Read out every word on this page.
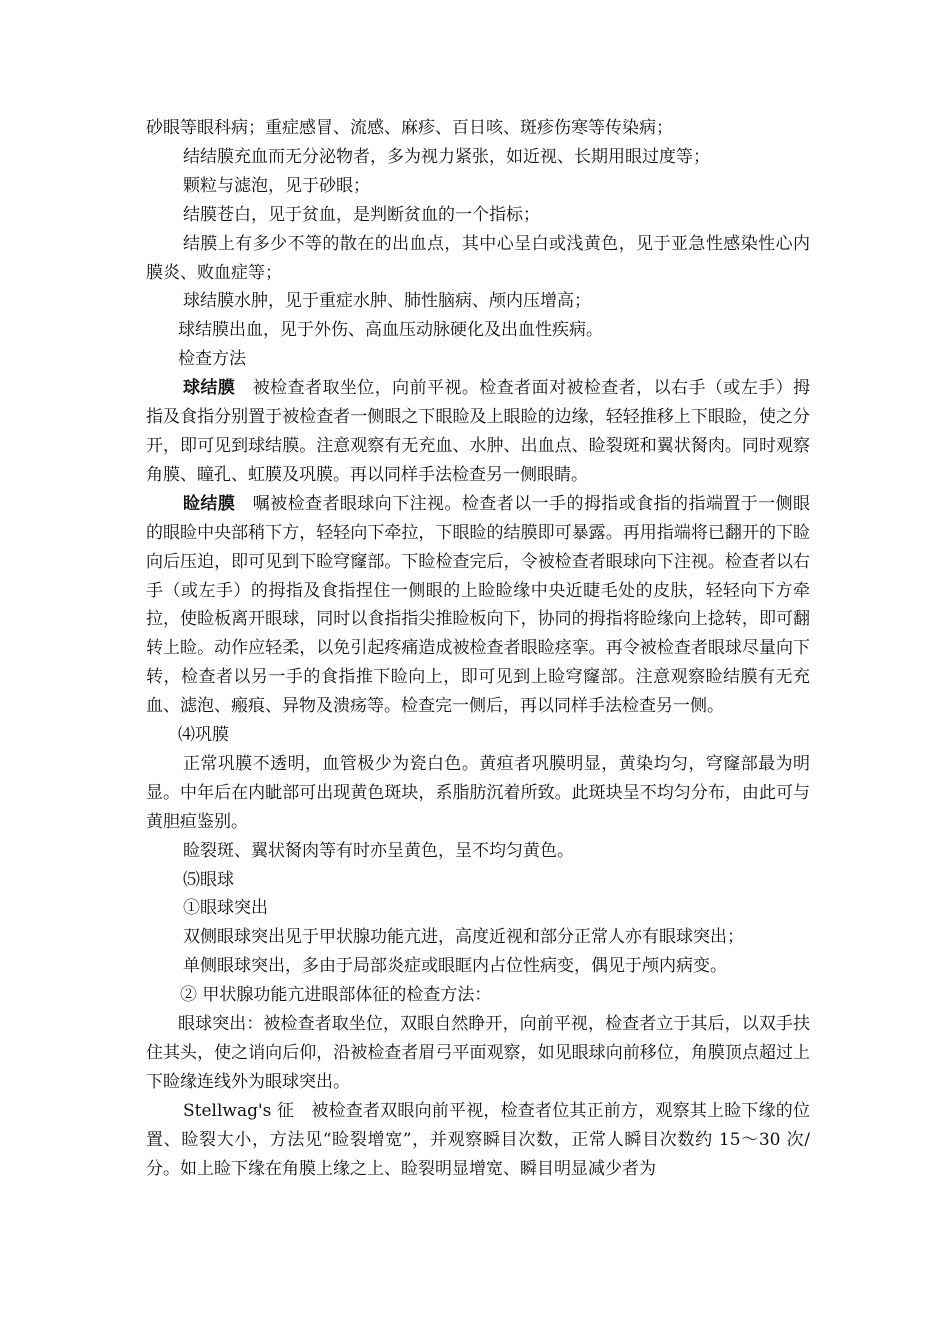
砂眼等眼科病；重症感冒、流感、麻疹、百日咳、斑疹伤寒等传染病；

结结膜充血而无分泌物者，多为视力紧张，如近视、长期用眼过度等；

颗粒与滤泡，见于砂眼；

结膜苍白，见于贫血，是判断贫血的一个指标；

结膜上有多少不等的散在的出血点，其中心呈白或浅黄色，见于亚急性感染性心内膜炎、败血症等；

球结膜水肿，见于重症水肿、肺性脑病、颅内压增高；

球结膜出血，见于外伤、高血压动脉硬化及出血性疾病。

检查方法

球结膜　被检查者取坐位，向前平视。检查者面对被检查者，以右手（或左手）拇指及食指分别置于被检查者一侧眼之下眼睑及上眼睑的边缘，轻轻推移上下眼睑，使之分开，即可见到球结膜。注意观察有无充血、水肿、出血点、睑裂斑和翼状胬肉。同时观察角膜、瞳孔、虹膜及巩膜。再以同样手法检查另一侧眼睛。

睑结膜　嘱被检查者眼球向下注视。检查者以一手的拇指或食指的指端置于一侧眼的眼睑中央部稍下方，轻轻向下牵拉，下眼睑的结膜即可暴露。再用指端将已翻开的下睑向后压迫，即可见到下睑穹窿部。下睑检查完后，令被检查者眼球向下注视。检查者以右手（或左手）的拇指及食指捏住一侧眼的上睑睑缘中央近睫毛处的皮肤，轻轻向下方牵拉，使睑板离开眼球，同时以食指指尖推睑板向下，协同的拇指将睑缘向上捻转，即可翻转上睑。动作应轻柔，以免引起疼痛造成被检查者眼睑痉挛。再令被检查者眼球尽量向下转，检查者以另一手的食指推下睑向上，即可见到上睑穹窿部。注意观察睑结膜有无充血、滤泡、瘢痕、异物及溃疡等。检查完一侧后，再以同样手法检查另一侧。

⑷巩膜

正常巩膜不透明，血管极少为瓷白色。黄疸者巩膜明显，黄染均匀，穹窿部最为明显。中年后在内眦部可出现黄色斑块，系脂肪沉着所致。此斑块呈不均匀分布，由此可与黄胆疸鉴别。

睑裂斑、翼状胬肉等有时亦呈黄色，呈不均匀黄色。

⑸眼球

①眼球突出

双侧眼球突出见于甲状腺功能亢进，高度近视和部分正常人亦有眼球突出；

单侧眼球突出，多由于局部炎症或眼眶内占位性病变，偶见于颅内病变。

② 甲状腺功能亢进眼部体征的检查方法：

眼球突出：被检查者取坐位，双眼自然睁开，向前平视，检查者立于其后，以双手扶住其头，使之诮向后仰，沿被检查者眉弓平面观察，如见眼球向前移位，角膜顶点超过上下睑缘连线外为眼球突出。

Stellwag's 征　被检查者双眼向前平视，检查者位其正前方，观察其上睑下缘的位置、睑裂大小，方法见“睑裂增宽”，并观察瞬目次数，正常人瞬目次数约 15～30 次/分。如上睑下缘在角膜上缘之上、睑裂明显增宽、瞬目明显减少者为
